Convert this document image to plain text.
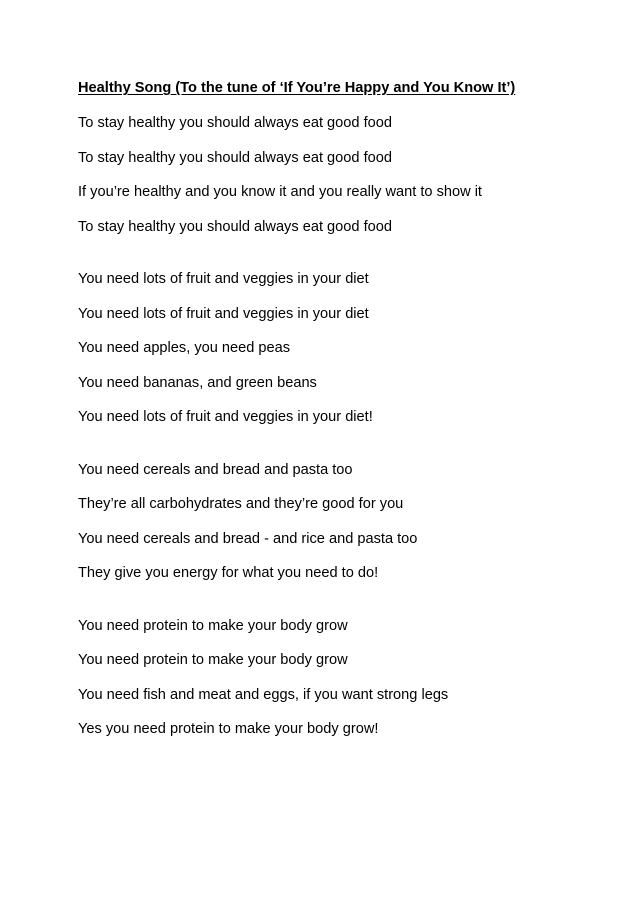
Healthy Song (To the tune of ‘If You’re Happy and You Know It’)
To stay healthy you should always eat good food
To stay healthy you should always eat good food
If you’re healthy and you know it and you really want to show it
To stay healthy you should always eat good food
You need lots of fruit and veggies in your diet
You need lots of fruit and veggies in your diet
You need apples, you need peas
You need bananas, and green beans
You need lots of fruit and veggies in your diet!
You need cereals and bread and pasta too
They’re all carbohydrates and they’re good for you
You need cereals and bread - and rice and pasta too
They give you energy for what you need to do!
You need protein to make your body grow
You need protein to make your body grow
You need fish and meat and eggs, if you want strong legs
Yes you need protein to make your body grow!
